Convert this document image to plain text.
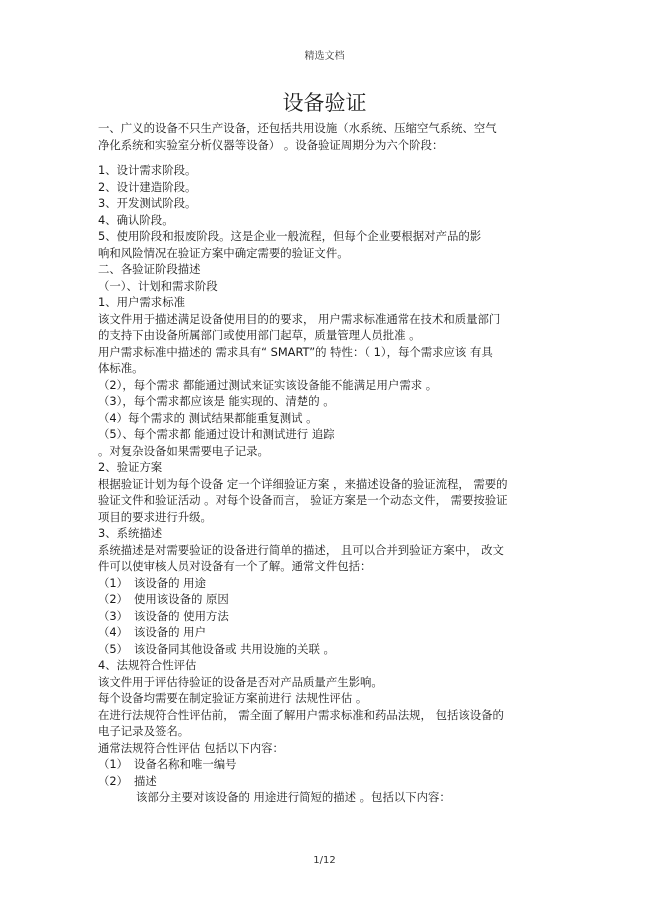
精选文档
设备验证
一、广义的设备不只生产设备，还包括共用设施（水系统、压缩空气系统、空气
净化系统和实验室分析仪器等设备） 。设备验证周期分为六个阶段：
1、设计需求阶段。
2、设计建造阶段。
3、开发测试阶段。
4、确认阶段。
5、使用阶段和报废阶段。这是企业一般流程，但每个企业要根据对产品的影
响和风险情况在验证方案中确定需要的验证文件。
二、各验证阶段描述
（一）、计划和需求阶段
1、用户需求标准
该文件用于描述满足设备使用目的的要求， 用户需求标准通常在技术和质量部门
的支持下由设备所属部门或使用部门起草，质量管理人员批准 。
用户需求标准中描述的 需求具有“ SMART”的 特性：（ 1），每个需求应该 有具
体标准。
（2），每个需求 都能通过测试来证实该设备能不能满足用户需求 。
（3），每个需求都应该是 能实现的、清楚的 。
（4）每个需求的 测试结果都能重复测试 。
（5）、每个需求都 能通过设计和测试进行 追踪
。对复杂设备如果需要电子记录。
2、验证方案
根据验证计划为每个设备 定一个详细验证方案 ，来描述设备的验证流程， 需要的
验证文件和验证活动 。对每个设备而言， 验证方案是一个动态文件， 需要按验证
项目的要求进行升级。
3、系统描述
系统描述是对需要验证的设备进行简单的描述， 且可以合并到验证方案中， 改文
件可以使审核人员对设备有一个了解。通常文件包括：
（1） 该设备的 用途
（2） 使用该设备的 原因
（3） 该设备的 使用方法
（4） 该设备的 用户
（5） 该设备同其他设备或 共用设施的关联 。
4、法规符合性评估
该文件用于评估待验证的设备是否对产品质量产生影响。
每个设备均需要在制定验证方案前进行 法规性评估 。
在进行法规符合性评估前， 需全面了解用户需求标准和药品法规， 包括该设备的
电子记录及签名。
通常法规符合性评估 包括以下内容：
（1） 设备名称和唯一编号
（2） 描述
该部分主要对该设备的 用途进行简短的描述 。包括以下内容：
1/12
